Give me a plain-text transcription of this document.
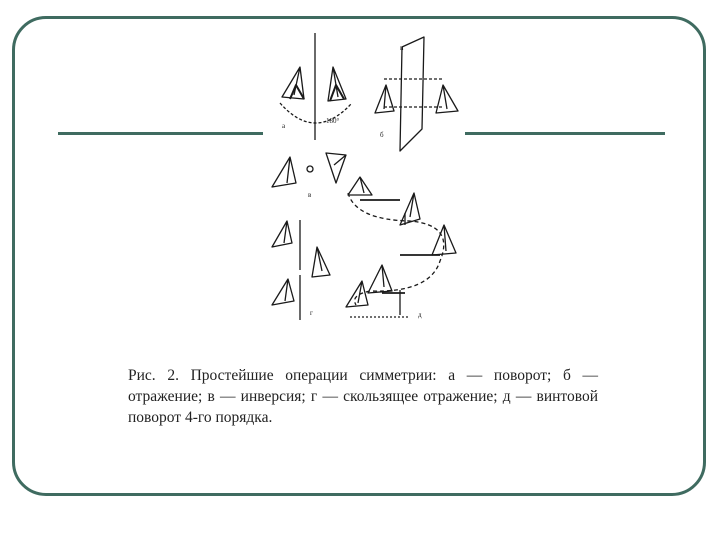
180°
а
n
б
в
г	д

Рис. 2. Простейшие операции симметрии: а — поворот; б — отражение; в — инверсия; г — скользящее отражение; д — винтовой поворот 4-го порядка.
